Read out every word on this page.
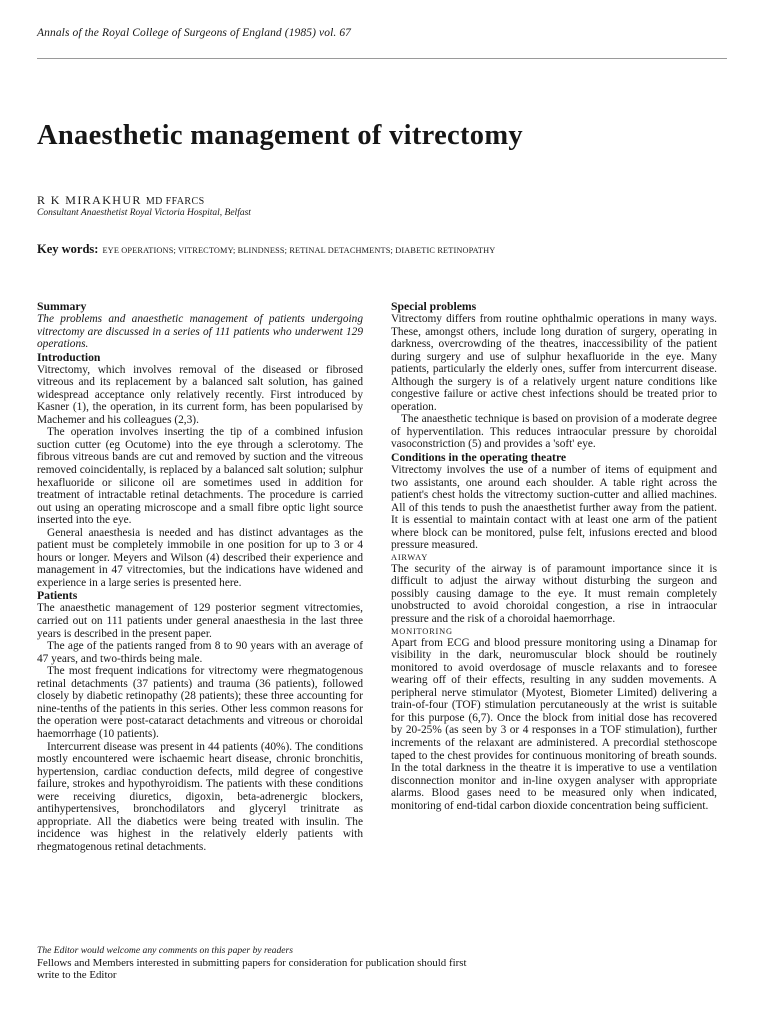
Annals of the Royal College of Surgeons of England (1985) vol. 67
Anaesthetic management of vitrectomy
R K MIRAKHUR MD FFARCS
Consultant Anaesthetist Royal Victoria Hospital, Belfast
Key words: EYE OPERATIONS; VITRECTOMY; BLINDNESS; RETINAL DETACHMENTS; DIABETIC RETINOPATHY
Summary

The problems and anaesthetic management of patients undergoing vitrectomy are discussed in a series of 111 patients who underwent 129 operations.

Introduction

Vitrectomy, which involves removal of the diseased or fibrosed vitreous and its replacement by a balanced salt solution, has gained widespread acceptance only relatively recently. First introduced by Kasner (1), the operation, in its current form, has been popularised by Machemer and his colleagues (2,3).

The operation involves inserting the tip of a combined infusion suction cutter (eg Ocutome) into the eye through a sclerotomy. The fibrous vitreous bands are cut and removed by suction and the vitreous removed coincidentally, is replaced by a balanced salt solution; sulphur hexafluoride or silicone oil are sometimes used in addition for treatment of intractable retinal detachments. The procedure is carried out using an operating microscope and a small fibre optic light source inserted into the eye.

General anaesthesia is needed and has distinct advantages as the patient must be completely immobile in one position for up to 3 or 4 hours or longer. Meyers and Wilson (4) described their experience and management in 47 vitrectomies, but the indications have widened and experience in a large series is presented here.

Patients

The anaesthetic management of 129 posterior segment vitrectomies, carried out on 111 patients under general anaesthesia in the last three years is described in the present paper.

The age of the patients ranged from 8 to 90 years with an average of 47 years, and two-thirds being male.

The most frequent indications for vitrectomy were rhegmatogenous retinal detachments (37 patients) and trauma (36 patients), followed closely by diabetic retinopathy (28 patients); these three accounting for nine-tenths of the patients in this series. Other less common reasons for the operation were post-cataract detachments and vitreous or choroidal haemorrhage (10 patients).

Intercurrent disease was present in 44 patients (40%). The conditions mostly encountered were ischaemic heart disease, chronic bronchitis, hypertension, cardiac conduction defects, mild degree of congestive failure, strokes and hypothyroidism. The patients with these conditions were receiving diuretics, digoxin, beta-adrenergic blockers, antihypertensives, bronchodilators and glyceryl trinitrate as appropriate. All the diabetics were being treated with insulin. The incidence was highest in the relatively elderly patients with rhegmatogenous retinal detachments.

Special problems

Vitrectomy differs from routine ophthalmic operations in many ways. These, amongst others, include long duration of surgery, operating in darkness, overcrowding of the theatres, inaccessibility of the patient during surgery and use of sulphur hexafluoride in the eye. Many patients, particularly the elderly ones, suffer from intercurrent disease. Although the surgery is of a relatively urgent nature conditions like congestive failure or active chest infections should be treated prior to operation.

The anaesthetic technique is based on provision of a moderate degree of hyperventilation. This reduces intraocular pressure by choroidal vasoconstriction (5) and provides a 'soft' eye.

Conditions in the operating theatre

Vitrectomy involves the use of a number of items of equipment and two assistants, one around each shoulder. A table right across the patient's chest holds the vitrectomy suction-cutter and allied machines. All of this tends to push the anaesthetist further away from the patient. It is essential to maintain contact with at least one arm of the patient where block can be monitored, pulse felt, infusions erected and blood pressure measured.

AIRWAY

The security of the airway is of paramount importance since it is difficult to adjust the airway without disturbing the surgeon and possibly causing damage to the eye. It must remain completely unobstructed to avoid choroidal congestion, a rise in intraocular pressure and the risk of a choroidal haemorrhage.

MONITORING

Apart from ECG and blood pressure monitoring using a Dinamap for visibility in the dark, neuromuscular block should be routinely monitored to avoid overdosage of muscle relaxants and to foresee wearing off of their effects, resulting in any sudden movements. A peripheral nerve stimulator (Myotest, Biometer Limited) delivering a train-of-four (TOF) stimulation percutaneously at the wrist is suitable for this purpose (6,7). Once the block from initial dose has recovered by 20-25% (as seen by 3 or 4 responses in a TOF stimulation), further increments of the relaxant are administered. A precordial stethoscope taped to the chest provides for continuous monitoring of breath sounds. In the total darkness in the theatre it is imperative to use a ventilation disconnection monitor and in-line oxygen analyser with appropriate alarms. Blood gases need to be measured only when indicated, monitoring of end-tidal carbon dioxide concentration being sufficient.

The Editor would welcome any comments on this paper by readers
Fellows and Members interested in submitting papers for consideration for publication should first write to the Editor
